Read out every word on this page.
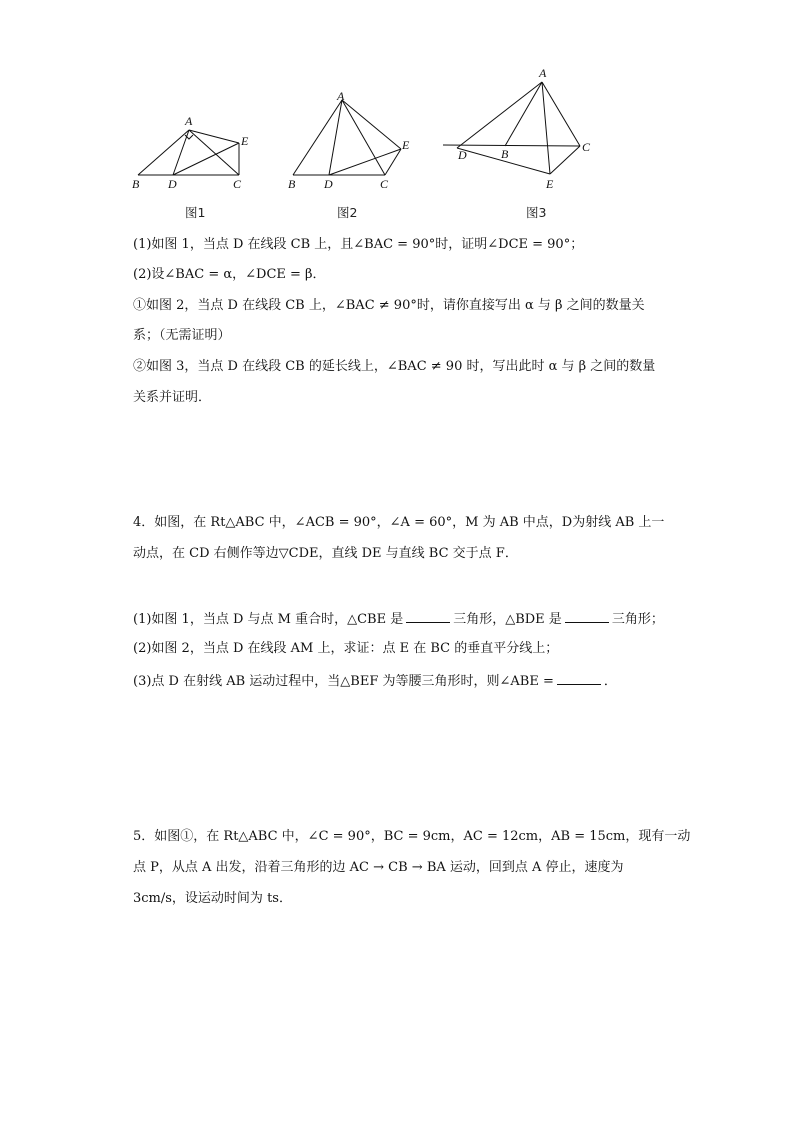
A
B D	C
E
图1
A
B D	C
E
图2
A
D	B	C
E
图3
(1)如图 1，当点 D 在线段 CB 上，且∠BAC = 90°时，证明∠DCE = 90°；
(2)设∠BAC = α，∠DCE = β．
①如图 2，当点 D 在线段 CB 上，∠BAC ≠ 90°时，请你直接写出 α 与 β 之间的数量关
系；（无需证明）
②如图 3，当点 D 在线段 CB 的延长线上，∠BAC ≠ 90 时，写出此时 α 与 β 之间的数量
关系并证明．
4．如图，在 Rt△ABC 中，∠ACB = 90°，∠A = 60°，M 为 AB 中点，D为射线 AB 上一
动点，在 CD 右侧作等边▽CDE，直线 DE 与直线 BC 交于点 F．
(1)如图 1，当点 D 与点 M 重合时，△CBE 是	三角形，△BDE 是	三角形；
(2)如图 2，当点 D 在线段 AM 上，求证：点 E 在 BC 的垂直平分线上；
(3)点 D 在射线 AB 运动过程中，当△BEF 为等腰三角形时，则∠ABE =	．
5．如图①，在 Rt△ABC 中，∠C = 90°，BC = 9cm，AC = 12cm，AB = 15cm，现有一动
点 P，从点 A 出发，沿着三角形的边 AC → CB → BA 运动，回到点 A 停止，速度为
3cm/s，设运动时间为 ts．
